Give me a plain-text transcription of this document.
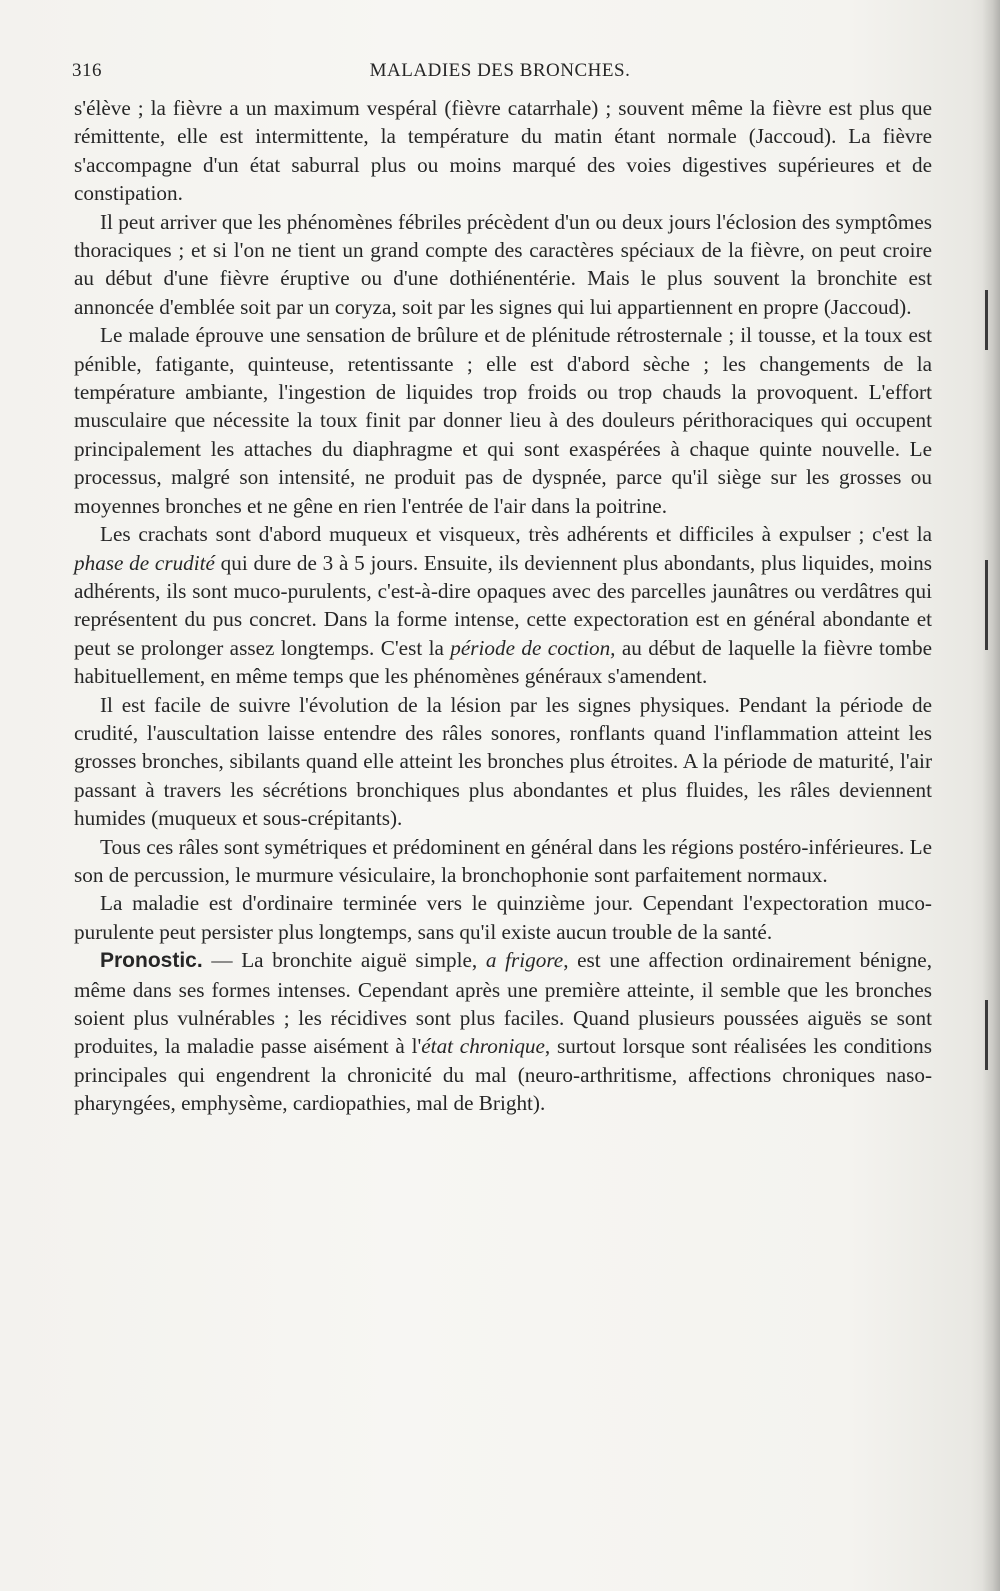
316	MALADIES DES BRONCHES.

s'élève ; la fièvre a un maximum vespéral (fièvre catarrhale) ; souvent même la fièvre est plus que rémittente, elle est intermittente, la température du matin étant normale (Jaccoud). La fièvre s'accompagne d'un état saburral plus ou moins marqué des voies digestives supérieures et de constipation.

Il peut arriver que les phénomènes fébriles précèdent d'un ou deux jours l'éclosion des symptômes thoraciques ; et si l'on ne tient un grand compte des caractères spéciaux de la fièvre, on peut croire au début d'une fièvre éruptive ou d'une dothiénentérie. Mais le plus souvent la bronchite est annoncée d'emblée soit par un coryza, soit par les signes qui lui appartiennent en propre (Jaccoud).

Le malade éprouve une sensation de brûlure et de plénitude rétrosternale ; il tousse, et la toux est pénible, fatigante, quinteuse, retentissante ; elle est d'abord sèche ; les changements de la température ambiante, l'ingestion de liquides trop froids ou trop chauds la provoquent. L'effort musculaire que nécessite la toux finit par donner lieu à des douleurs périthoraciques qui occupent principalement les attaches du diaphragme et qui sont exaspérées à chaque quinte nouvelle. Le processus, malgré son intensité, ne produit pas de dyspnée, parce qu'il siège sur les grosses ou moyennes bronches et ne gêne en rien l'entrée de l'air dans la poitrine.

Les crachats sont d'abord muqueux et visqueux, très adhérents et difficiles à expulser ; c'est la phase de crudité qui dure de 3 à 5 jours. Ensuite, ils deviennent plus abondants, plus liquides, moins adhérents, ils sont muco-purulents, c'est-à-dire opaques avec des parcelles jaunâtres ou verdâtres qui représentent du pus concret. Dans la forme intense, cette expectoration est en général abondante et peut se prolonger assez longtemps. C'est la période de coction, au début de laquelle la fièvre tombe habituellement, en même temps que les phénomènes généraux s'amendent.

Il est facile de suivre l'évolution de la lésion par les signes physiques. Pendant la période de crudité, l'auscultation laisse entendre des râles sonores, ronflants quand l'inflammation atteint les grosses bronches, sibilants quand elle atteint les bronches plus étroites. A la période de maturité, l'air passant à travers les sécrétions bronchiques plus abondantes et plus fluides, les râles deviennent humides (muqueux et sous-crépitants).

Tous ces râles sont symétriques et prédominent en général dans les régions postéro-inférieures. Le son de percussion, le murmure vésiculaire, la bronchophonie sont parfaitement normaux.

La maladie est d'ordinaire terminée vers le quinzième jour. Cependant l'expectoration muco-purulente peut persister plus longtemps, sans qu'il existe aucun trouble de la santé.

Pronostic. — La bronchite aiguë simple, a frigore, est une affection ordinairement bénigne, même dans ses formes intenses. Cependant après une première atteinte, il semble que les bronches soient plus vulnérables ; les récidives sont plus faciles. Quand plusieurs poussées aiguës se sont produites, la maladie passe aisément à l'état chronique, surtout lorsque sont réalisées les conditions principales qui engendrent la chronicité du mal (neuro-arthritisme, affections chroniques naso-pharyngées, emphysème, cardiopathies, mal de Bright).
